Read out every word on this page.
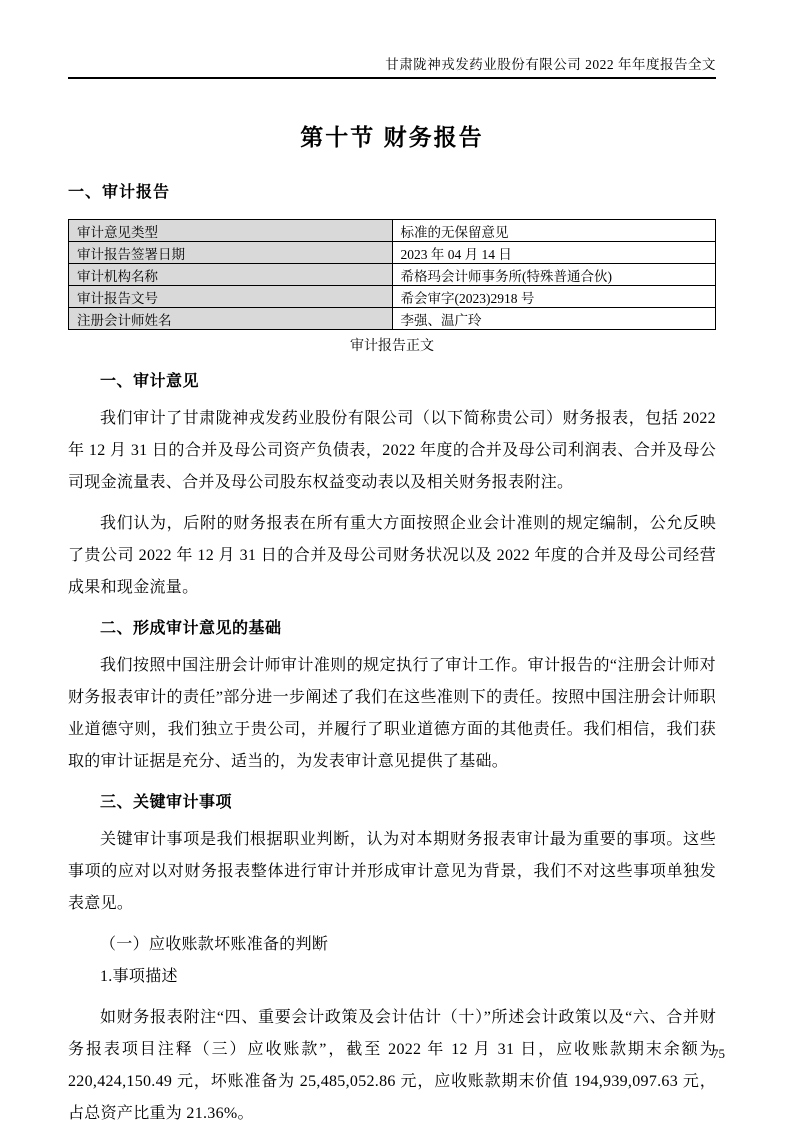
甘肃陇神戎发药业股份有限公司 2022 年年度报告全文
第十节 财务报告
一、审计报告
审计意见类型	标准的无保留意见
审计报告签署日期	2023 年 04 月 14 日
审计机构名称	希格玛会计师事务所(特殊普通合伙)
审计报告文号	希会审字(2023)2918 号
注册会计师姓名	李强、温广玲
审计报告正文
一、审计意见

我们审计了甘肃陇神戎发药业股份有限公司（以下简称贵公司）财务报表，包括 2022 年 12 月 31 日的合并及母公司资产负债表，2022 年度的合并及母公司利润表、合并及母公司现金流量表、合并及母公司股东权益变动表以及相关财务报表附注。

我们认为，后附的财务报表在所有重大方面按照企业会计准则的规定编制，公允反映了贵公司 2022 年 12 月 31 日的合并及母公司财务状况以及 2022 年度的合并及母公司经营成果和现金流量。

二、形成审计意见的基础

我们按照中国注册会计师审计准则的规定执行了审计工作。审计报告的“注册会计师对财务报表审计的责任”部分进一步阐述了我们在这些准则下的责任。按照中国注册会计师职业道德守则，我们独立于贵公司，并履行了职业道德方面的其他责任。我们相信，我们获取的审计证据是充分、适当的，为发表审计意见提供了基础。

三、关键审计事项

关键审计事项是我们根据职业判断，认为对本期财务报表审计最为重要的事项。这些事项的应对以对财务报表整体进行审计并形成审计意见为背景，我们不对这些事项单独发表意见。

（一）应收账款坏账准备的判断
1.事项描述

如财务报表附注“四、重要会计政策及会计估计（十）”所述会计政策以及“六、合并财务报表项目注释（三）应收账款”，截至 2022 年 12 月 31 日，应收账款期末余额为 220,424,150.49 元，坏账准备为 25,485,052.86 元，应收账款期末价值 194,939,097.63 元，占总资产比重为 21.36%。

75
